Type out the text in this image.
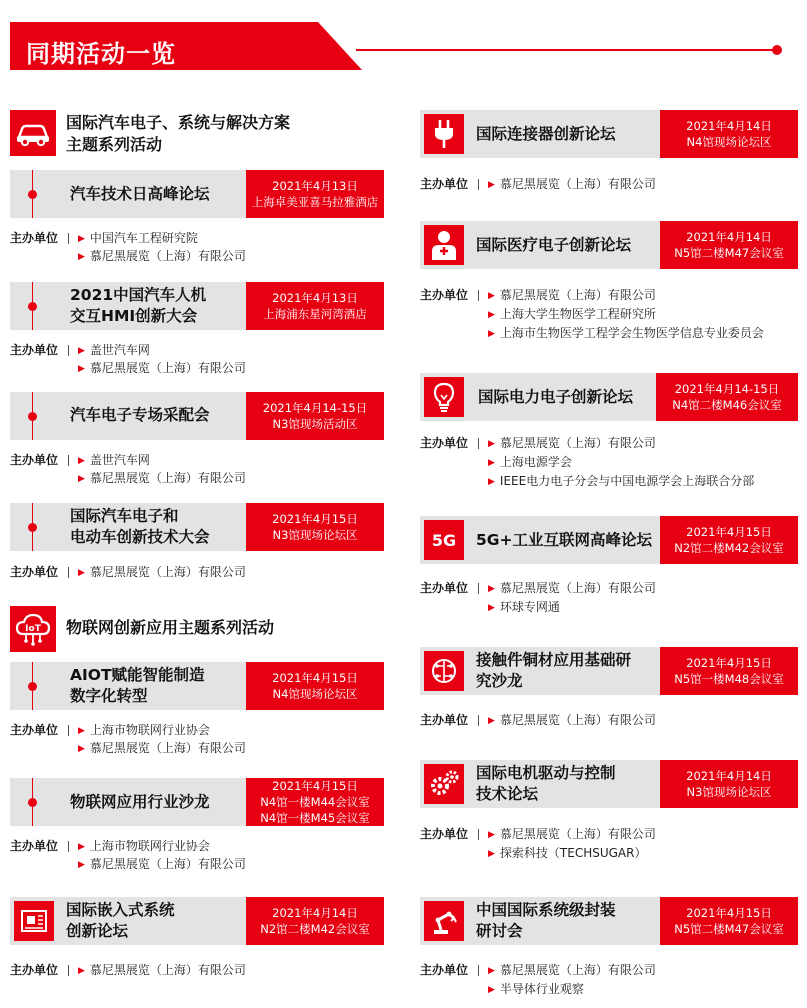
同期活动一览
国际汽车电子、系统与解决方案
主题系列活动
IoT 物联网创新应用主题系列活动
汽车技术日高峰论坛	2021年4月13日
上海卓美亚喜马拉雅酒店
主办单位 ▶ 中国汽车工程研究院
▶ 慕尼黑展览（上海）有限公司
2021中国汽车人机
交互HMI创新大会
2021年4月13日
上海浦东星河湾酒店
主办单位 ▶ 盖世汽车网
▶ 慕尼黑展览（上海）有限公司
汽车电子专场采配会	2021年4月14-15日
N3馆现场活动区
主办单位 ▶ 盖世汽车网
▶ 慕尼黑展览（上海）有限公司
国际汽车电子和
电动车创新技术大会
2021年4月15日
N3馆现场论坛区
主办单位 ▶ 慕尼黑展览（上海）有限公司
AIOT赋能智能制造
数字化转型
2021年4月15日
N4馆现场论坛区
主办单位 ▶ 上海市物联网行业协会
▶ 慕尼黑展览（上海）有限公司
物联网应用行业沙龙
2021年4月15日
N4馆一楼M44会议室
N4馆一楼M45会议室
主办单位 ▶ 上海市物联网行业协会
▶ 慕尼黑展览（上海）有限公司
国际嵌入式系统
创新论坛
2021年4月14日
N2馆二楼M42会议室
主办单位 ▶ 慕尼黑展览（上海）有限公司
国际连接器创新论坛	2021年4月14日
N4馆现场论坛区
主办单位 ▶ 慕尼黑展览（上海）有限公司
国际医疗电子创新论坛	2021年4月14日
N5馆二楼M47会议室
主办单位 ▶ 慕尼黑展览（上海）有限公司
▶ 上海大学生物医学工程研究所
▶ 上海市生物医学工程学会生物医学信息专业委员会
国际电力电子创新论坛	2021年4月14-15日
N4馆二楼M46会议室
主办单位 ▶ 慕尼黑展览（上海）有限公司
▶ 上海电源学会
▶ IEEE电力电子分会与中国电源学会上海联合分部
5G 5G+工业互联网高峰论坛	2021年4月15日
N2馆二楼M42会议室
主办单位 ▶ 慕尼黑展览（上海）有限公司
▶ 环球专网通
接触件铜材应用基础研
究沙龙
2021年4月15日
N5馆一楼M48会议室
主办单位 ▶ 慕尼黑展览（上海）有限公司
国际电机驱动与控制
技术论坛
2021年4月14日
N3馆现场论坛区
主办单位 ▶ 慕尼黑展览（上海）有限公司
▶ 探索科技（TECHSUGAR）
中国国际系统级封装
研讨会
2021年4月15日
N5馆二楼M47会议室
主办单位 ▶ 慕尼黑展览（上海）有限公司
▶ 半导体行业观察
